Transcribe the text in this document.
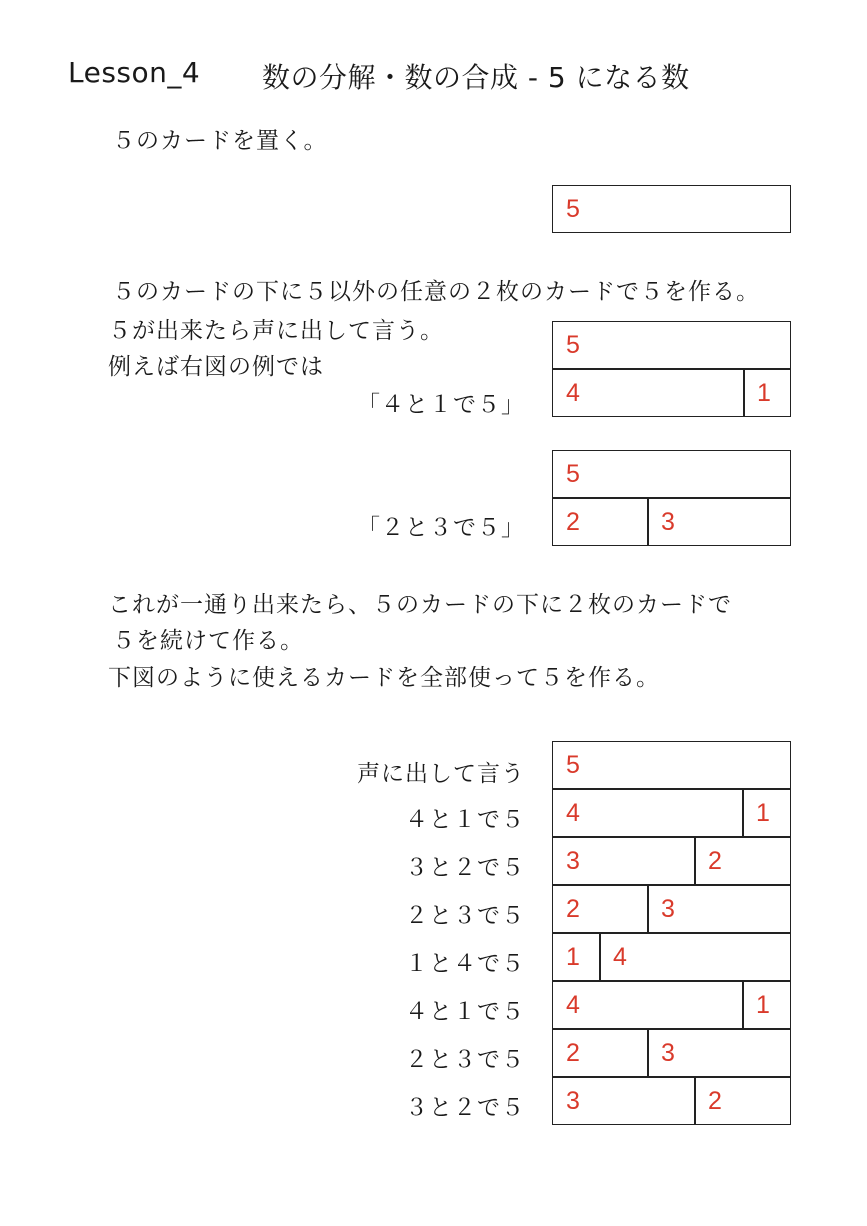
Lesson_4 数の分解・数の合成 - 5 になる数
５のカードを置く。
5
５のカードの下に５以外の任意の２枚のカードで５を作る。
５が出来たら声に出して言う。
例えば右図の例では
「４と１で５」
5
4	1
「２と３で５」
5
2	3
これが一通り出来たら、５のカードの下に２枚のカードで
５を続けて作る。
下図のように使えるカードを全部使って５を作る。
声に出して言う	5
４と１で５	4	1
３と２で５	3	2
２と３で５	2	3
１と４で５	1	4
４と１で５	4	1
２と３で５	2	3
３と２で５	3	2
